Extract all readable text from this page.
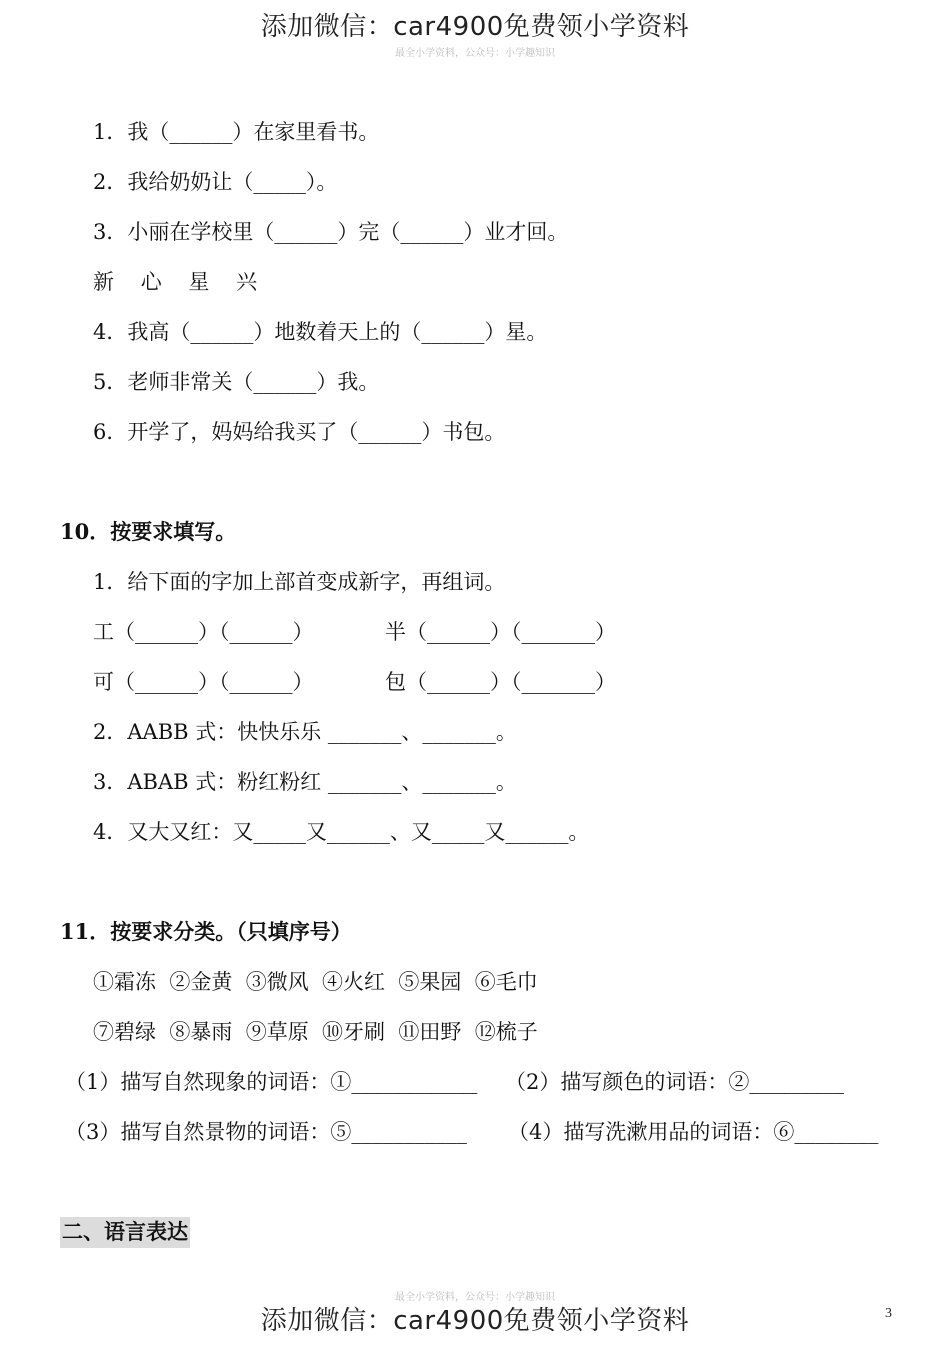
添加微信：car4900免费领小学资料
最全小学资料，公众号：小学趣知识
1．我（______）在家里看书。
2．我给奶奶让（_____）。
3．小丽在学校里（______）完（______）业才回。
新    心    星    兴
4．我高（______）地数着天上的（______）星。
5．老师非常关（______）我。
6．开学了，妈妈给我买了（______）书包。
10．按要求填写。
1．给下面的字加上部首变成新字，再组词。
工（______）（______）	半（______）（_______）
可（______）（______）	包（______）（_______）
2．AABB 式：快快乐乐 _______、_______。
3．ABAB 式：粉红粉红 _______、_______。
4．又大又红：又_____又______、又_____又______。
11．按要求分类。（只填序号）
①霜冻  ②金黄  ③微风  ④火红  ⑤果园  ⑥毛巾
⑦碧绿  ⑧暴雨  ⑨草原  ⑩牙刷  ⑪田野  ⑫梳子
（1）描写自然现象的词语：①____________ （2）描写颜色的词语：②_________
（3）描写自然景物的词语：⑤___________ （4）描写洗漱用品的词语：⑥________
二、语言表达
最全小学资料，公众号：小学趣知识
添加微信：car4900免费领小学资料	3
